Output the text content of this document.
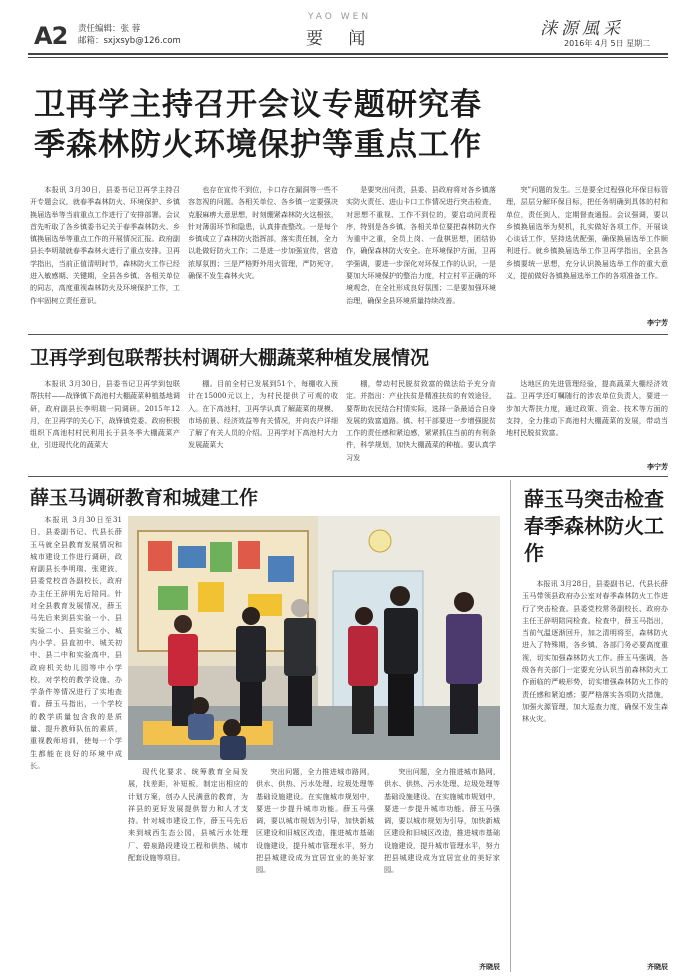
A2 责任编辑：张 蓉
邮箱：sxjxsyb@126.com
YAO WEN
要 闻	涞源風采
2016年 4月 5日 星期二
卫再学主持召开会议专题研究春
季森林防火环境保护等重点工作

本报讯 3月30日，县委书记卫再学主持召开专题会议，就春季森林防火、环境保护、乡镇换届选举等当前重点工作进行了安排部署。会议首先听取了各乡镇委书记关于春季森林防火、乡镇换届选举等重点工作的开展情况汇报。政府副县长李明瑞就春季森林火进行了重点安排。卫再学指出，当前正值清明时节，森林防火工作已经进入敏感期、关键期，全县各乡镇、各相关单位的同志，高度重视森林防火及环境保护工作，工作牢固树立责任意识。

也存在宣传不到位，卡口存在漏洞等一些不容忽视的问题。各相关单位、各乡镇一定要强决克服麻痹大意思想，时刻绷紧森林防火这根弦，针对薄弱环节和隐患，认真排查整改。一是每个乡镇成立了森林防火指挥部，落实责任制，全力以赴做好防火工作；二是进一步加强宣传，营造浓厚氛围；三是严格野外用火管理，严防死守，确保不发生森林火灾。

是要突出问责，县委、县政府将对各乡镇落实防火责任、进山卡口工作情况进行突击检查，对思想不重视、工作不到位的，要启动问责程序，特别是各乡镇、各相关单位要把森林防火作为重中之重，全员上岗、一盘棋思想，团结协作，确保森林防火安全。在环境保护方面，卫再学强调，要进一步深化对环保工作的认识，一是要加大环境保护的整治力度，村立村平正确的环境观念，在全社形成良好氛围；二是要加强环境治理，确保全县环境质量持续改善。

突”问题的发生。三是要全过程强化环保目标管理，层层分解环保目标，把任务明确到具体的村和单位，责任到人，定期督查通报。会议强调，要以乡镇换届选举为契机，扎实做好各项工作，开展谈心谈话工作，坚持选优配强，确保换届选举工作顺利进行。就乡镇换届选举工作卫再学指出，全县各乡镇要统一思想，充分认识换届选举工作的重大意义，提前做好各镇换届选举工作的各项准备工作。

李宁芳
卫再学到包联帮扶村调研大棚蔬菜种植发展情况

本报讯 3月30日，县委书记卫再学到包联帮扶村——战锋镇下高池村大棚蔬菜种植基地调研，政府副县长李明瑞一同调研。2015年12月，在卫再学的关心下，战锋镇党委、政府积极组织下高池村村民利用长于县冬季大棚蔬菜产业，引进现代化的蔬菜大

棚。目前全村已发展到51个，每棚收入预计在15000元以上，为村民提供了可观的收入。在下高池村，卫再学认真了解蔬菜的规模、市场前景、经济效益等有关情况，并向农户详细了解了有关人员的介绍。卫再学对下高池村大力发展蔬菜大

棚，带动村民脱贫致富的做法给予充分肯定。并指出：产业扶贫是精准扶贫的有效途径，要帮助农民结合村情实际，选择一条最适合自身发展的致富道路。镇、村干部要进一步增强脱贫工作的责任感和紧迫感，紧紧抓住当前的有利条件，科学规划，加快大棚蔬菜的种植。要认真学习发

达地区的先进管理经验，提高蔬菜大棚经济效益。卫再学还叮嘱随行的涉农单位负责人，要进一步加大帮扶力度，通过政策、资金、技术等方面的支持，全力推动下高池村大棚蔬菜的发展，带动当地村民脱贫致富。

李宁芳
薛玉马调研教育和城建工作

本报讯 3月30日至31日，县委副书记、代县长薛玉马就全县教育发展情况和城市建设工作进行调研，政府副县长李明瑞、张建波，县委党校首各副校长，政府办主任王辞明先后陪同。针对全县教育发展情况，薛玉马先后来到县实验一小、县实验二小、县实验三小、城内小学、县直初中、城关初中、县二中和实验高中、县政府机关幼儿园等中小学校，对学校的教学设施、办学条件等情况进行了实地查看。薛玉马指出，一个学校的教学质量包含我的是质量、提升教师队伍的素质，重视教师培训，使每一个学生都能在良好的环境中成长。

现代化要求、统筹教育全局发展，找差距，补短板，制定出相应的计划方案，创办人民满意的教育，为祥县的更好发展提供智力和人才支持。针对城市建设工作，薛玉马先后来到城西生态公园，县城污水处理厂、碧泉路段建设工程和供热、城市配套设施等项目。

突出问题，全力推进城市路网，供水、供热、污水处理、垃圾处理等基础设施建设。在实施城市规划中，要进一步提升城市功能。薛玉马强调，要以城市规划为引导，加快新城区建设和旧城区改造，推进城市基础设施建设，提升城市管理水平，努力把县城建设成为宜居宜业的美好家园。

突出问题，全力推进城市路网，供水、供热、污水处理、垃圾处理等基础设施建设。在实施城市规划中，要进一步提升城市功能。薛玉马强调，要以城市规划为引导，加快新城区建设和旧城区改造，推进城市基础设施建设，提升城市管理水平，努力把县城建设成为宜居宜业的美好家园。

齐晓辰
薛玉马突击检查春季森林防火工作

本报讯 3月28日，县委副书记、代县长薛玉马带领县政府办公室对春季森林防火工作进行了突击检查。县委党校常务副校长、政府办主任王辞明陪同检查。检查中，薛玉马指出，当前气温逐渐回升，加之清明将至，森林防火进入了特殊期，各乡镇、各部门务必要高度重视，切实加强森林防火工作。薛玉马强调，各级各有关部门一定要充分认识当前森林防火工作面临的严峻形势，切实增强森林防火工作的责任感和紧迫感；要严格落实各项防火措施，加强火源管理，加大巡查力度，确保不发生森林火灾。

齐晓辰
